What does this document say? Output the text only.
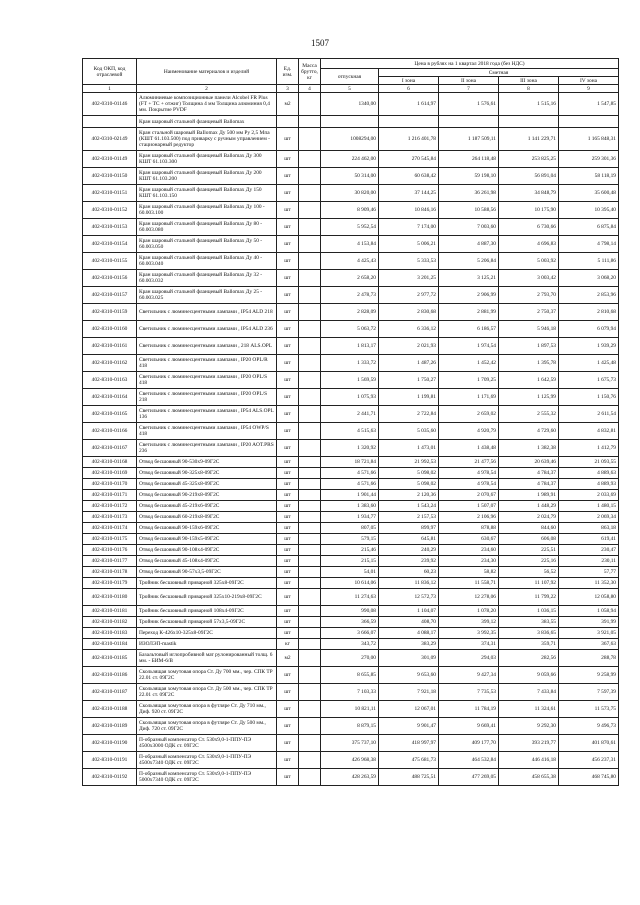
1507
Код ОКП, код отраслевой	Наименование материалов и изделий	Ед. изм.	Масса брутто, кг	Цена в рублях на 1 квартал 2018 года (без НДС)				
				отпускная	Сметная			
					I зона	II зона	III зона	IV зона
1	2	3	4	5	6	7	8	9
402-0310-01146	Алюминиевые композиционные панели Alcobel FR Plus (FT + TC + отжиг) Толщина 4 мм Толщина алюминия 0,4 мм. Покрытие PVDF	м2		1340,00	1 614,97	1 576,61	1 515,16	1 547,85
	Кран шаровый стальной фланцевый Ballomax							
402-0310-02149	Кран стальной шаровый BaIlomax Ду 500 мм Ру 2,5 Мпа (КШТ 61.103.500) под приварку с ручным управлением - стационарный редуктор	шт		1008294,00	1 216 401,78	1 187 509,11	1 141 229,71	1 165 848,31
402-0310-01149	Кран шаровый стальной фланцевый Ballomax Ду 300 КШТ 61.103.300	шт		224 462,00	270 545,84	264 118,48	253 825,25	259 301,36
402-0310-01150	Кран шаровый стальной фланцевый Ballomax Ду 200 КШТ 61.103.200	шт		50 314,00	60 638,42	59 198,10	56 891,04	58 118,19
402-0310-01151	Кран шаровый стальной фланцевый Ballomax Ду 150 КШТ 61.103.150	шт		30 820,00	37 144,25	36 261,98	34 848,79	35 600,48
402-0310-01152	Кран шаровый стальной фланцевый Ballomax Ду 100 - 60.003.100	шт		8 909,46	10 846,16	10 588,56	10 175,90	10 395,40
402-0310-01153	Кран шаровый стальной фланцевый Ballomax Ду 80 - 60.003.080	шт		5 952,54	7 174,00	7 003,60	6 730,66	6 875,84
402-0310-01154	Кран шаровый стальной фланцевый Ballomax Ду 50 - 60.003.050	шт		4 153,84	5 006,21	4 887,30	4 696,83	4 798,14
402-0310-01155	Кран шаровый стальной фланцевый Ballomax Ду 40 - 60.003.040	шт		4 425,43	5 333,53	5 206,84	5 003,92	5 111,86
402-0310-01156	Кран шаровый стальной фланцевый Ballomax Ду 32 - 60.003.032	шт		2 658,20	3 201,25	3 125,21	3 003,42	3 068,20
402-0310-01157	Кран шаровый стальной фланцевый Ballomax Ду 25 - 60.003.025	шт		2 478,73	2 977,72	2 906,99	2 793,70	2 853,96
402-8310-01159	Светильник с люминесцентными лампами , IP54 ALD 218	шт		2 828,09	2 830,68	2 881,99	2 750,37	2 810,68
402-8310-01160	Светильник с люминесцентными лампами , IP54 ALD 236	шт		5 063,72	6 336,12	6 186,57	5 946,18	6 079,94
402-8310-01161	Светильник с люминесцентными лампами , 218 ALS.OPL	шт		1 813,17	2 021,93	1 974,54	1 897,53	1 939,29
402-8310-01162	Светильник с люминесцентными лампами , IP20 OPL/R 418	шт		1 333,72	1 487,26	1 452,42	1 395,78	1 425,48
402-8310-01163	Светильник с люминесцентными лампами , IP20 OPL/S 418	шт		1 569,59	1 750,27	1 709,25	1 642,59	1 675,73
402-8310-01164	Светильник с люминесцентными лампами , IP20 OPL/S 218	шт		1 075,93	1 199,81	1 171,69	1 125,99	1 150,76
402-8310-01165	Светильник с люминесцентными лампами , IP54 ALS.OPL 136	шт		2 441,71	2 722,84	2 659,02	2 555,32	2 611,54
402-8310-01166	Светильник с люминесцентными лампами , IP54 OWP/S 418	шт		4 515,63	5 035,60	4 920,79	4 729,60	4 832,81
402-8310-01167	Светильник с люминесцентными лампами , IP20 AOT.PRS 236	шт		1 320,92	1 473,01	1 438,48	1 382,38	1 412,79
402-8310-01168	Отвод бесшовный 90-530х9-09Г2С	шт		18 721,84	21 992,53	21 477,56	20 639,46	21 093,55
402-8310-01169	Отвод бесшовный 90-325х8-09Г2С	шт		4 571,66	5 098,02	4 978,54	4 784,37	4 889,63
402-8310-01170	Отвод бесшовный 45-325х8-09Г2С	шт		4 571,66	5 098,02	4 978,54	4 784,37	4 889,93
402-8310-01171	Отвод бесшовный 90-219х8-09Г2С	шт		1 901,44	2 120,36	2 070,67	1 989,91	2 033,69
402-8310-01172	Отвод бесшовный 45-219х6-09Г2С	шт		1 383,60	1 543,24	1 507,07	1 448,29	1 480,15
402-8310-01173	Отвод бесшовный 60-219х8-09Г2С	шт		1 934,77	2 157,53	2 106,96	2 024,79	2 069,34
402-8310-01174	Отвод бесшовный 90-159х6-09Г2С	шт		807,05	899,97	878,88	844,60	863,18
402-8310-01175	Отвод бесшовный 90-159х5-09Г2С	шт		579,15	645,81	630,67	606,08	619,41
402-8310-01176	Отвод бесшовный 90-108х4-09Г2С	шт		215,46	240,29	234,60	225,51	230,47
402-8310-01177	Отвод бесшовный 45-108х4-09Г2С	шт		215,15	239,92	234,30	225,16	230,11
402-8310-01178	Отвод бесшовный 90-57х3,5-09Г2С	шт		54,01	60,23	58,82	56,52	57,77
402-8310-01179	Тройник бесшовный приварной 325х8-09Г2С	шт		10 614,06	11 836,12	11 558,71	11 107,92	11 352,30
402-8310-01180	Тройник бесшовный приварной 325х10-219х8-09Г2С	шт		11 274,63	12 572,73	12 278,06	11 799,22	12 058,80
402-8310-01181	Тройник бесшовный приварной 108х4-09Г2С	шт		990,08	1 104,07	1 078,20	1 036,15	1 058,94
402-8310-01182	Тройник бесшовный приварной 57х3,5-09Г2С	шт		366,59	408,70	399,12	383,55	391,99
402-8310-01183	Переход К-426х10-325х8-09Г2С	шт		3 666,07	4 088,17	3 992,35	3 836,65	3 921,05
402-8310-01184	ИЗОЛЭП-mastik	кг		343,72	383,29	374,31	359,71	367,63
402-8310-01185	Базальтовый иглопробивной мат рулонированный толщ. 6 мм. - БИМ-6/В	м2		270,00	301,09	294,03	282,56	288,78
402-8310-01186	Скользящая хомутовая опора Ст. Ду 700 мм., чер. СПК ТР 22.01 ст. 09Г2С	шт		8 655,85	9 653,60	9 427,34	9 059,66	9 258,99
402-8310-01187	Скользящая хомутовая опора Ст. Ду 500 мм., чер. СПК ТР 22.01 ст. 09Г2С	шт		7 103,33	7 921,18	7 735,53	7 433,84	7 597,39
402-8310-01188	Скользящая хомутовая опора в футляре Ст. Ду 710 мм., Диф. 920 ст. 09Г2С	шт		10 821,11	12 067,01	11 784,19	11 324,61	11 573,75
402-8310-01189	Скользящая хомутовая опора в футляре Ст. Ду 500 мм., Диф. 720 ст. 09Г2С	шт		8 879,15	9 901,47	9 669,41	9 292,30	9 496,73
402-8310-01190	П-образный компенсатор Ст. 530х9,0-1-ППУ-ПЭ 4500х3000 ОДК ст. 09Г2С	шт		375 737,10	418 997,97	409 177,70	393 219,77	401 870,61
402-8310-01191	П-образный компенсатор Ст. 530х9,0-1-ППУ-ПЭ 4500х7340 ОДК ст. 09Г2С	шт		426 968,38	475 681,73	464 532,84	446 416,18	456 237,31
402-8310-01192	П-образный компенсатор Ст. 530х9,0-1-ППУ-ПЭ 5000х7340 ОДК ст. 09Г2С	шт		428 263,59	488 725,51	477 269,05	458 655,38	468 745,80
